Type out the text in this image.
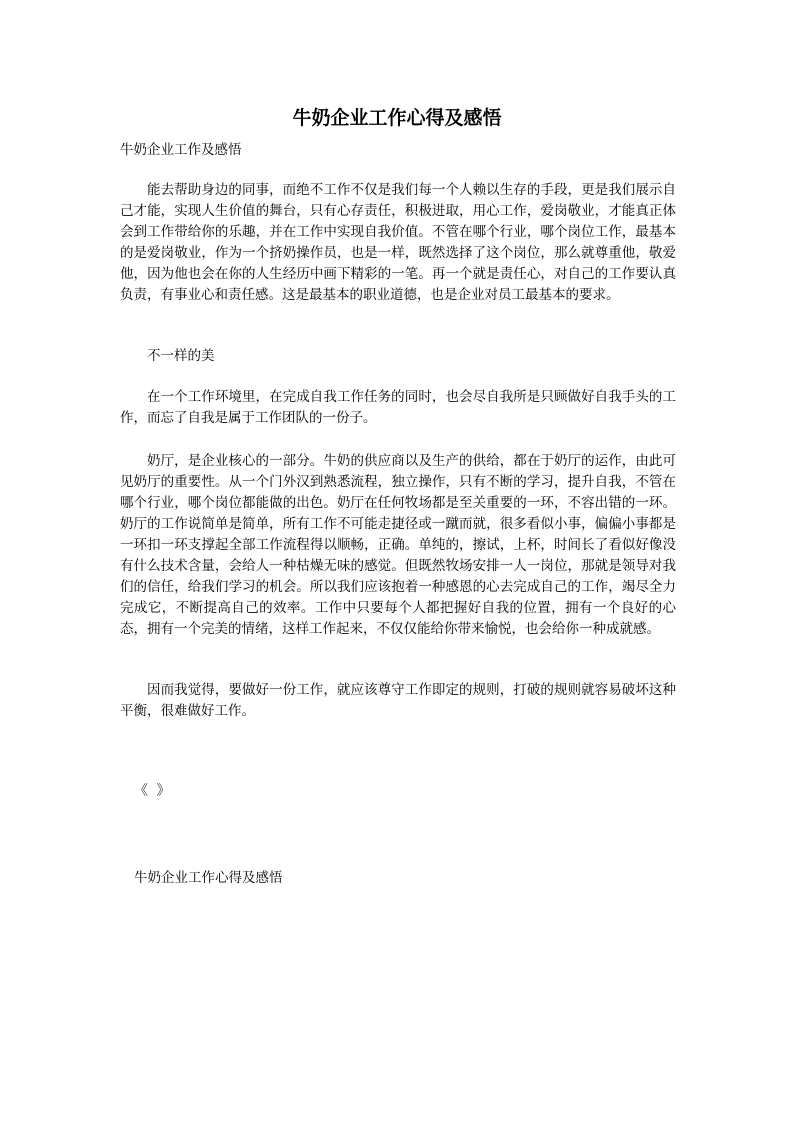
牛奶企业工作心得及感悟
牛奶企业工作及感悟

能去帮助身边的同事，而绝不工作不仅是我们每一个人赖以生存的手段，更是我们展示自己才能，实现人生价值的舞台，只有心存责任，积极进取，用心工作，爱岗敬业，才能真正体会到工作带给你的乐趣，并在工作中实现自我价值。不管在哪个行业，哪个岗位工作，最基本的是爱岗敬业，作为一个挤奶操作员，也是一样，既然选择了这个岗位，那么就尊重他，敬爱他，因为他也会在你的人生经历中画下精彩的一笔。再一个就是责任心，对自己的工作要认真负责，有事业心和责任感。这是最基本的职业道德，也是企业对员工最基本的要求。

不一样的美

在一个工作环境里，在完成自我工作任务的同时，也会尽自我所是只顾做好自我手头的工作，而忘了自我是属于工作团队的一份子。

奶厅，是企业核心的一部分。牛奶的供应商以及生产的供给，都在于奶厅的运作，由此可见奶厅的重要性。从一个门外汉到熟悉流程，独立操作，只有不断的学习，提升自我，不管在哪个行业，哪个岗位都能做的出色。奶厅在任何牧场都是至关重要的一环，不容出错的一环。奶厅的工作说简单是简单，所有工作不可能走捷径或一蹴而就，很多看似小事，偏偏小事都是一环扣一环支撑起全部工作流程得以顺畅，正确。单纯的，擦试，上杯，时间长了看似好像没有什么技术含量，会给人一种枯燥无味的感觉。但既然牧场安排一人一岗位，那就是领导对我们的信任，给我们学习的机会。所以我们应该抱着一种感恩的心去完成自己的工作，竭尽全力完成它，不断提高自己的效率。工作中只要每个人都把握好自我的位置，拥有一个良好的心态，拥有一个完美的情绪，这样工作起来，不仅仅能给你带来愉悦，也会给你一种成就感。

因而我觉得，要做好一份工作，就应该尊守工作即定的规则，打破的规则就容易破坏这种平衡，很难做好工作。

《 》
牛奶企业工作心得及感悟
